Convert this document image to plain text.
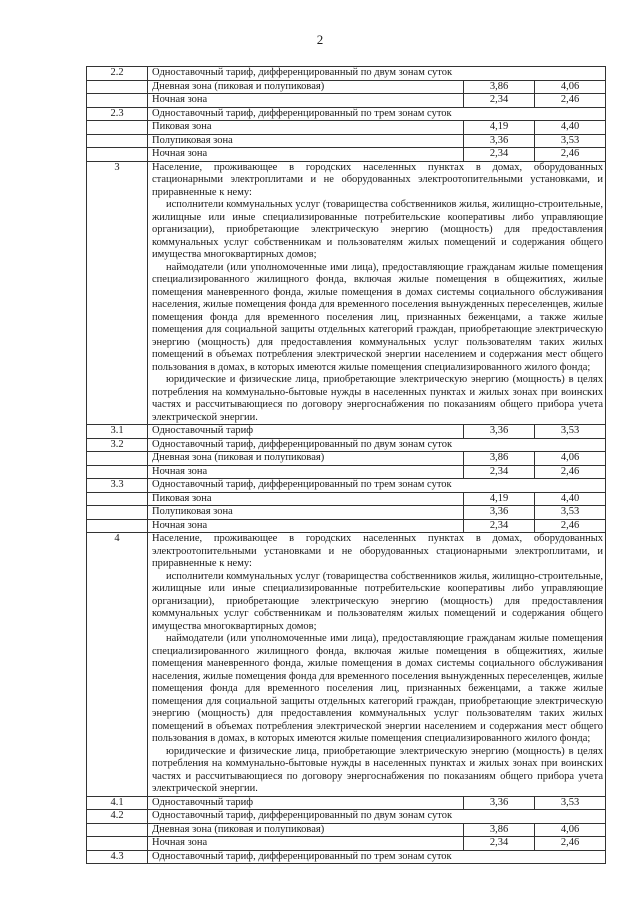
2
2.2	Одноставочный тариф, дифференцированный по двум зонам суток		
	Дневная зона (пиковая и полупиковая)	3,86	4,06
	Ночная зона	2,34	2,46
2.3	Одноставочный тариф, дифференцированный по трем зонам суток		
	Пиковая зона	4,19	4,40
	Полупиковая зона	3,36	3,53
	Ночная зона	2,34	2,46
3	Население, проживающее в городских населенных пунктах в домах, оборудованных стационарными электроплитами и не оборудованных электроотопительными установками, и приравненные к нему:

исполнители коммунальных услуг (товарищества собственников жилья, жилищно-строительные, жилищные или иные специализированные потребительские кооперативы либо управляющие организации), приобретающие электрическую энергию (мощность) для предоставления коммунальных услуг собственникам и пользователям жилых помещений и содержания общего имущества многоквартирных домов;

наймодатели (или уполномоченные ими лица), предоставляющие гражданам жилые помещения специализированного жилищного фонда, включая жилые помещения в общежитиях, жилые помещения маневренного фонда, жилые помещения в домах системы социального обслуживания населения, жилые помещения фонда для временного поселения вынужденных переселенцев, жилые помещения фонда для временного поселения лиц, признанных беженцами, а также жилые помещения для социальной защиты отдельных категорий граждан, приобретающие электрическую энергию (мощность) для предоставления коммунальных услуг пользователям таких жилых помещений в объемах потребления электрической энергии населением и содержания мест общего пользования в домах, в которых имеются жилые помещения специализированного жилого фонда;

юридические и физические лица, приобретающие электрическую энергию (мощность) в целях потребления на коммунально-бытовые нужды в населенных пунктах и жилых зонах при воинских частях и рассчитывающиеся по договору энергоснабжения по показаниям общего прибора учета электрической энергии.		

3.1	Одноставочный тариф	3,36	3,53
3.2	Одноставочный тариф, дифференцированный по двум зонам суток		
	Дневная зона (пиковая и полупиковая)	3,86	4,06
	Ночная зона	2,34	2,46
3.3	Одноставочный тариф, дифференцированный по трем зонам суток		
	Пиковая зона	4,19	4,40
	Полупиковая зона	3,36	3,53
	Ночная зона	2,34	2,46
4	Население, проживающее в городских населенных пунктах в домах, оборудованных электроотопительными установками и не оборудованных стационарными электроплитами, и приравненные к нему:

исполнители коммунальных услуг (товарищества собственников жилья, жилищно-строительные, жилищные или иные специализированные потребительские кооперативы либо управляющие организации), приобретающие электрическую энергию (мощность) для предоставления коммунальных услуг собственникам и пользователям жилых помещений и содержания общего имущества многоквартирных домов;

наймодатели (или уполномоченные ими лица), предоставляющие гражданам жилые помещения специализированного жилищного фонда, включая жилые помещения в общежитиях, жилые помещения маневренного фонда, жилые помещения в домах системы социального обслуживания населения, жилые помещения фонда для временного поселения вынужденных переселенцев, жилые помещения фонда для временного поселения лиц, признанных беженцами, а также жилые помещения для социальной защиты отдельных категорий граждан, приобретающие электрическую энергию (мощность) для предоставления коммунальных услуг пользователям таких жилых помещений в объемах потребления электрической энергии населением и содержания мест общего пользования в домах, в которых имеются жилые помещения специализированного жилого фонда;

юридические и физические лица, приобретающие электрическую энергию (мощность) в целях потребления на коммунально-бытовые нужды в населенных пунктах и жилых зонах при воинских частях и рассчитывающиеся по договору энергоснабжения по показаниям общего прибора учета электрической энергии.		

4.1	Одноставочный тариф	3,36	3,53
4.2	Одноставочный тариф, дифференцированный по двум зонам суток		
	Дневная зона (пиковая и полупиковая)	3,86	4,06
	Ночная зона	2,34	2,46
4.3	Одноставочный тариф, дифференцированный по трем зонам суток		
